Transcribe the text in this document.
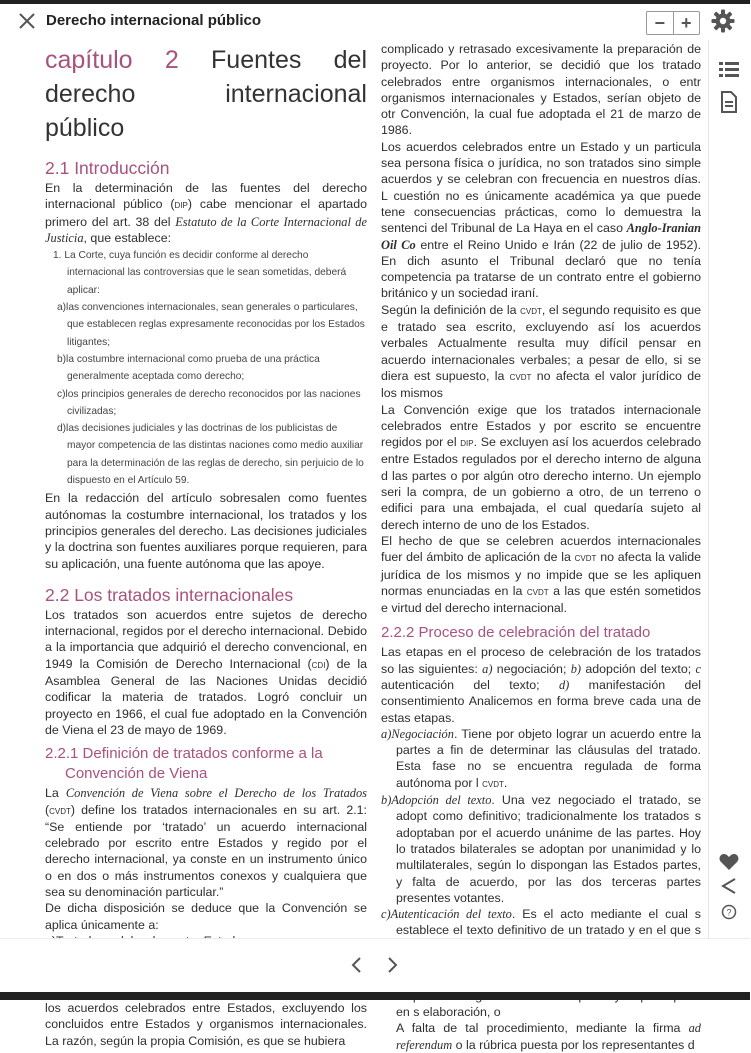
Derecho internacional público	− +
capítulo 2 Fuentes del derecho internacional público
2.1 Introducción

En la determinación de las fuentes del derecho internacional público (dip) cabe mencionar el apartado primero del art. 38 del Estatuto de la Corte Internacional de Justicia, que establece:

1. La Corte, cuya función es decidir conforme al derecho internacional las controversias que le sean sometidas, deberá aplicar:
a)las convenciones internacionales, sean generales o particulares, que establecen reglas expresamente reconocidas por los Estados litigantes;
b)la costumbre internacional como prueba de una práctica generalmente aceptada como derecho;
c)los principios generales de derecho reconocidos por las naciones civilizadas;
d)las decisiones judiciales y las doctrinas de los publicistas de mayor competencia de las distintas naciones como medio auxiliar para la determinación de las reglas de derecho, sin perjuicio de lo dispuesto en el Artículo 59.

En la redacción del artículo sobresalen como fuentes autónomas la costumbre internacional, los tratados y los principios generales del derecho. Las decisiones judiciales y la doctrina son fuentes auxiliares porque requieren, para su aplicación, una fuente autónoma que las apoye.

2.2 Los tratados internacionales

Los tratados son acuerdos entre sujetos de derecho internacional, regidos por el derecho internacional. Debido a la importancia que adquirió el derecho convencional, en 1949 la Comisión de Derecho Internacional (cdi) de la Asamblea General de las Naciones Unidas decidió codificar la materia de tratados. Logró concluir un proyecto en 1966, el cual fue adoptado en la Convención de Viena el 23 de mayo de 1969.

2.2.1 Definición de tratados conforme a la
Convención de Viena

La Convención de Viena sobre el Derecho de los Tratados (cvdt) define los tratados internacionales en su art. 2.1: “Se entiende por ‘tratado’ un acuerdo internacional celebrado por escrito entre Estados y regido por el derecho internacional, ya conste en un instrumento único o en dos o más instrumentos conexos y cualquiera que sea su denominación particular.”

De dicha disposición se deduce que la Convención se aplica únicamente a:

los acuerdos celebrados entre Estados, excluyendo los concluidos entre Estados y organismos internacionales. La razón, según la propia Comisión, es que se hubiera

complicado y retrasado excesivamente la preparación de proyecto. Por lo anterior, se decidió que los tratado celebrados entre organismos internacionales, o entr organismos internacionales y Estados, serían objeto de otr Convención, la cual fue adoptada el 21 de marzo de 1986.

Los acuerdos celebrados entre un Estado y un particula sea persona física o jurídica, no son tratados sino simple acuerdos y se celebran con frecuencia en nuestros días. L cuestión no es únicamente académica ya que puede tene consecuencias prácticas, como lo demuestra la sentenci del Tribunal de La Haya en el caso Anglo-Iranian Oil Co entre el Reino Unido e Irán (22 de julio de 1952). En dich asunto el Tribunal declaró que no tenía competencia pa tratarse de un contrato entre el gobierno británico y un sociedad iraní.

Según la definición de la cvdt, el segundo requisito es que e tratado sea escrito, excluyendo así los acuerdos verbales Actualmente resulta muy difícil pensar en acuerdo internacionales verbales; a pesar de ello, si se diera est supuesto, la cvdt no afecta el valor jurídico de los mismos

La Convención exige que los tratados internacionale celebrados entre Estados y por escrito se encuentre regidos por el dip. Se excluyen así los acuerdos celebrado entre Estados regulados por el derecho interno de alguna d las partes o por algún otro derecho interno. Un ejemplo seri la compra, de un gobierno a otro, de un terreno o edifici para una embajada, el cual quedaría sujeto al derech interno de uno de los Estados.

El hecho de que se celebren acuerdos internacionales fuer del ámbito de aplicación de la cvdt no afecta la valide jurídica de los mismos y no impide que se les apliquen normas enunciadas en la cvdt a las que estén sometidos e virtud del derecho internacional.

2.2.2 Proceso de celebración del tratado

Las etapas en el proceso de celebración de los tratados so las siguientes: a) negociación; b) adopción del texto; c autenticación del texto; d) manifestación del consentimiento Analicemos en forma breve cada una de estas etapas.

a)Negociación. Tiene por objeto lograr un acuerdo entre la partes a fin de determinar las cláusulas del tratado. Esta fase no se encuentra regulada de forma autónoma por l cvdt.

b)Adopción del texto. Una vez negociado el tratado, se adopt como definitivo; tradicionalmente los tratados s adoptaban por el acuerdo unánime de las partes. Hoy lo tratados bilaterales se adoptan por unanimidad y lo multilaterales, según lo dispongan las Estados partes, y falta de acuerdo, por las dos terceras partes presentes votantes.

c)Autenticación del texto. Es el acto mediante el cual s establece el texto definitivo de un tratado y en el que s

en s elaboración, o

A falta de tal procedimiento, mediante la firma ad referendum o la rúbrica puesta por los representantes d

?
